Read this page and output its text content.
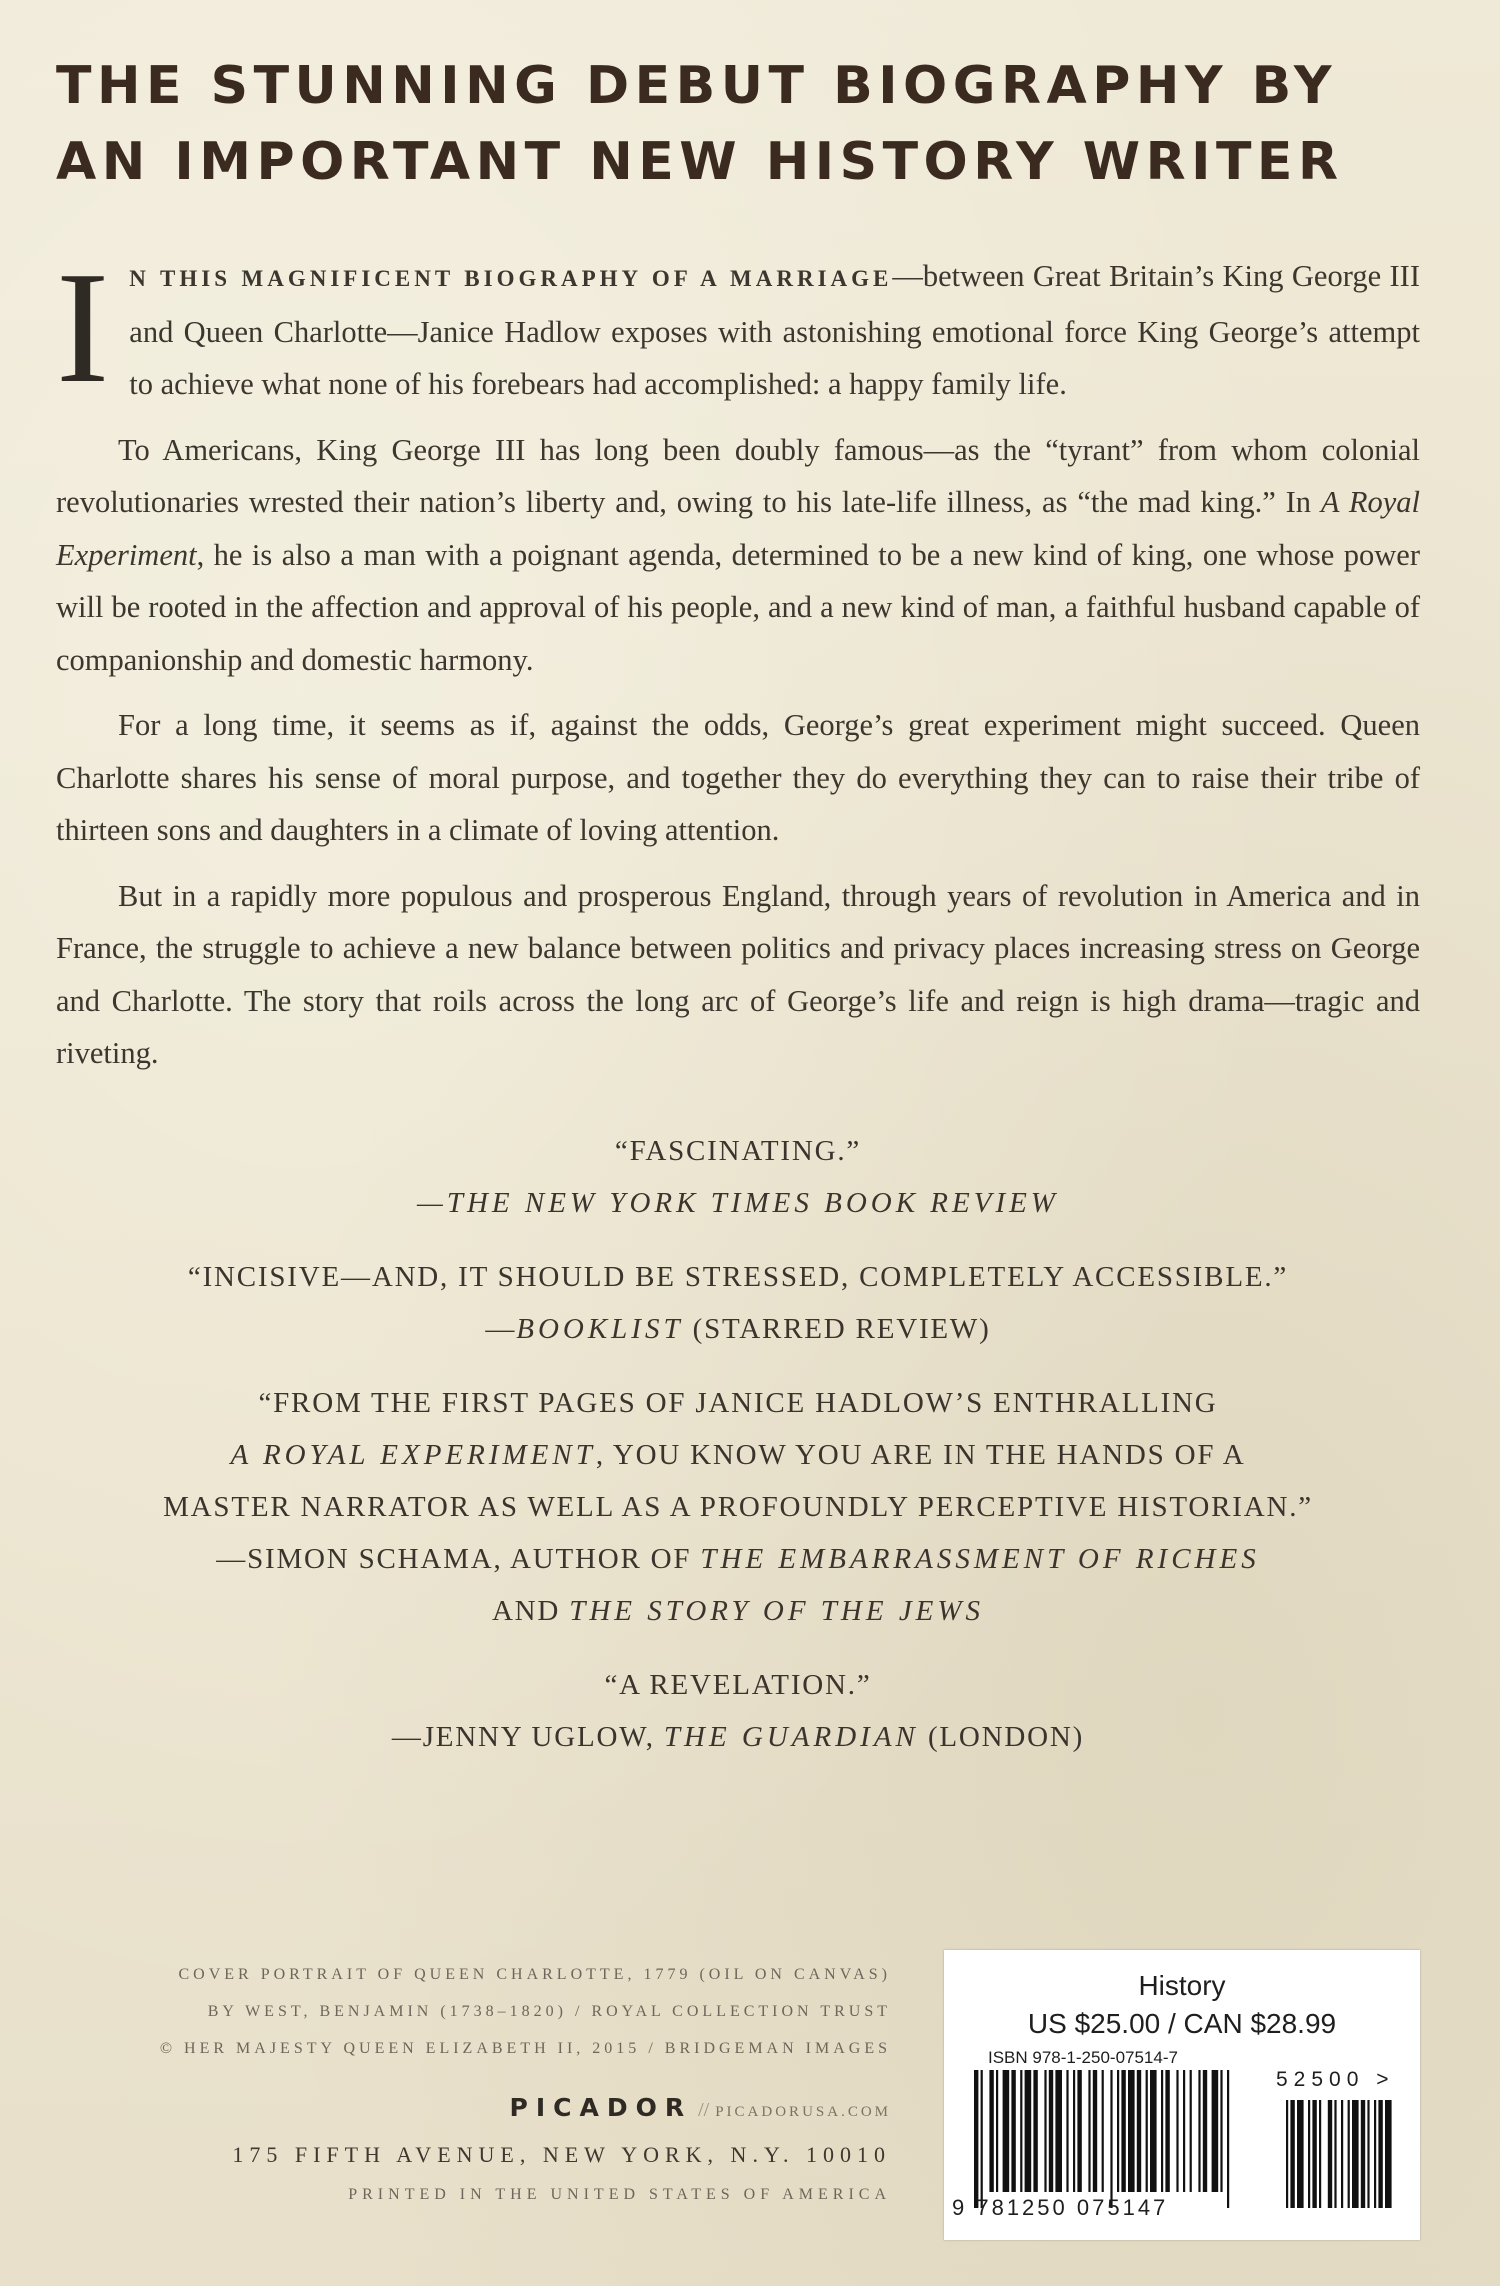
THE STUNNING DEBUT BIOGRAPHY BY
AN IMPORTANT NEW HISTORY WRITER

I N THIS MAGNIFICENT BIOGRAPHY OF A MARRIAGE—between Great Britain’s King George III and Queen Charlotte—Janice Hadlow exposes with astonishing emotional force King George’s attempt to achieve what none of his forebears had accomplished: a happy family life.

To Americans, King George III has long been doubly famous—as the “tyrant” from whom colonial revolutionaries wrested their nation’s liberty and, owing to his late-life illness, as “the mad king.” In A Royal Experiment, he is also a man with a poignant agenda, determined to be a new kind of king, one whose power will be rooted in the affection and approval of his people, and a new kind of man, a faithful husband capable of companionship and domestic harmony.

For a long time, it seems as if, against the odds, George’s great experiment might succeed. Queen Charlotte shares his sense of moral purpose, and together they do everything they can to raise their tribe of thirteen sons and daughters in a climate of loving attention.

But in a rapidly more populous and prosperous England, through years of revolution in America and in France, the struggle to achieve a new balance between politics and privacy places increasing stress on George and Charlotte. The story that roils across the long arc of George’s life and reign is high drama—tragic and riveting.

“FASCINATING.”
—THE NEW YORK TIMES BOOK REVIEW
“INCISIVE—AND, IT SHOULD BE STRESSED, COMPLETELY ACCESSIBLE.”
—BOOKLIST (STARRED REVIEW)
“FROM THE FIRST PAGES OF JANICE HADLOW’S ENTHRALLING
A ROYAL EXPERIMENT, YOU KNOW YOU ARE IN THE HANDS OF A
MASTER NARRATOR AS WELL AS A PROFOUNDLY PERCEPTIVE HISTORIAN.”
—SIMON SCHAMA, AUTHOR OF THE EMBARRASSMENT OF RICHES
AND THE STORY OF THE JEWS
“A REVELATION.”
—JENNY UGLOW, THE GUARDIAN (LONDON)
COVER PORTRAIT OF QUEEN CHARLOTTE, 1779 (OIL ON CANVAS)
BY WEST, BENJAMIN (1738–1820) / ROYAL COLLECTION TRUST
© HER MAJESTY QUEEN ELIZABETH II, 2015 / BRIDGEMAN IMAGES
PICADOR // PICADORUSA.COM
175 FIFTH AVENUE, NEW YORK, N.Y. 10010
PRINTED IN THE UNITED STATES OF AMERICA
History
US $25.00 / CAN $28.99
ISBN 978-1-250-07514-7
52500 >
9 781250 075147
